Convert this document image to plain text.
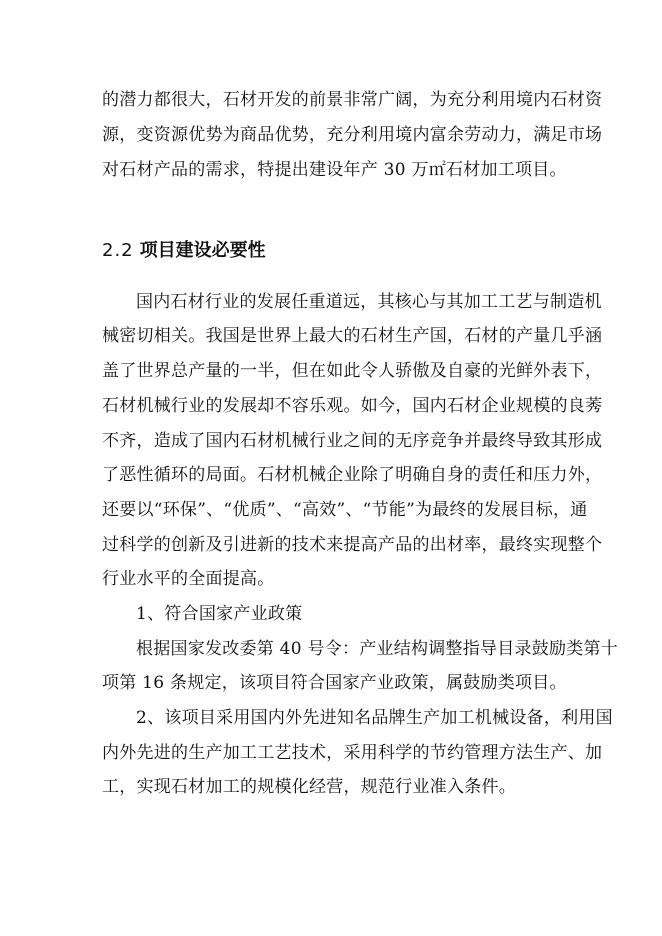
的潜力都很大，石材开发的前景非常广阔，为充分利用境内石材资
源，变资源优势为商品优势，充分利用境内富余劳动力，满足市场
对石材产品的需求，特提出建设年产 30 万㎡石材加工项目。
2.2 项目建设必要性
国内石材行业的发展任重道远，其核心与其加工工艺与制造机
械密切相关。我国是世界上最大的石材生产国，石材的产量几乎涵
盖了世界总产量的一半，但在如此令人骄傲及自豪的光鲜外表下，
石材机械行业的发展却不容乐观。如今，国内石材企业规模的良莠
不齐，造成了国内石材机械行业之间的无序竞争并最终导致其形成
了恶性循环的局面。石材机械企业除了明确自身的责任和压力外，
还要以“环保”、“优质”、“高效”、“节能”为最终的发展目标，通
过科学的创新及引进新的技术来提高产品的出材率，最终实现整个
行业水平的全面提高。
1、符合国家产业政策
根据国家发改委第 40 号令：产业结构调整指导目录鼓励类第十
项第 16 条规定，该项目符合国家产业政策，属鼓励类项目。
2、该项目采用国内外先进知名品牌生产加工机械设备，利用国
内外先进的生产加工工艺技术，采用科学的节约管理方法生产、加
工，实现石材加工的规模化经营，规范行业准入条件。
